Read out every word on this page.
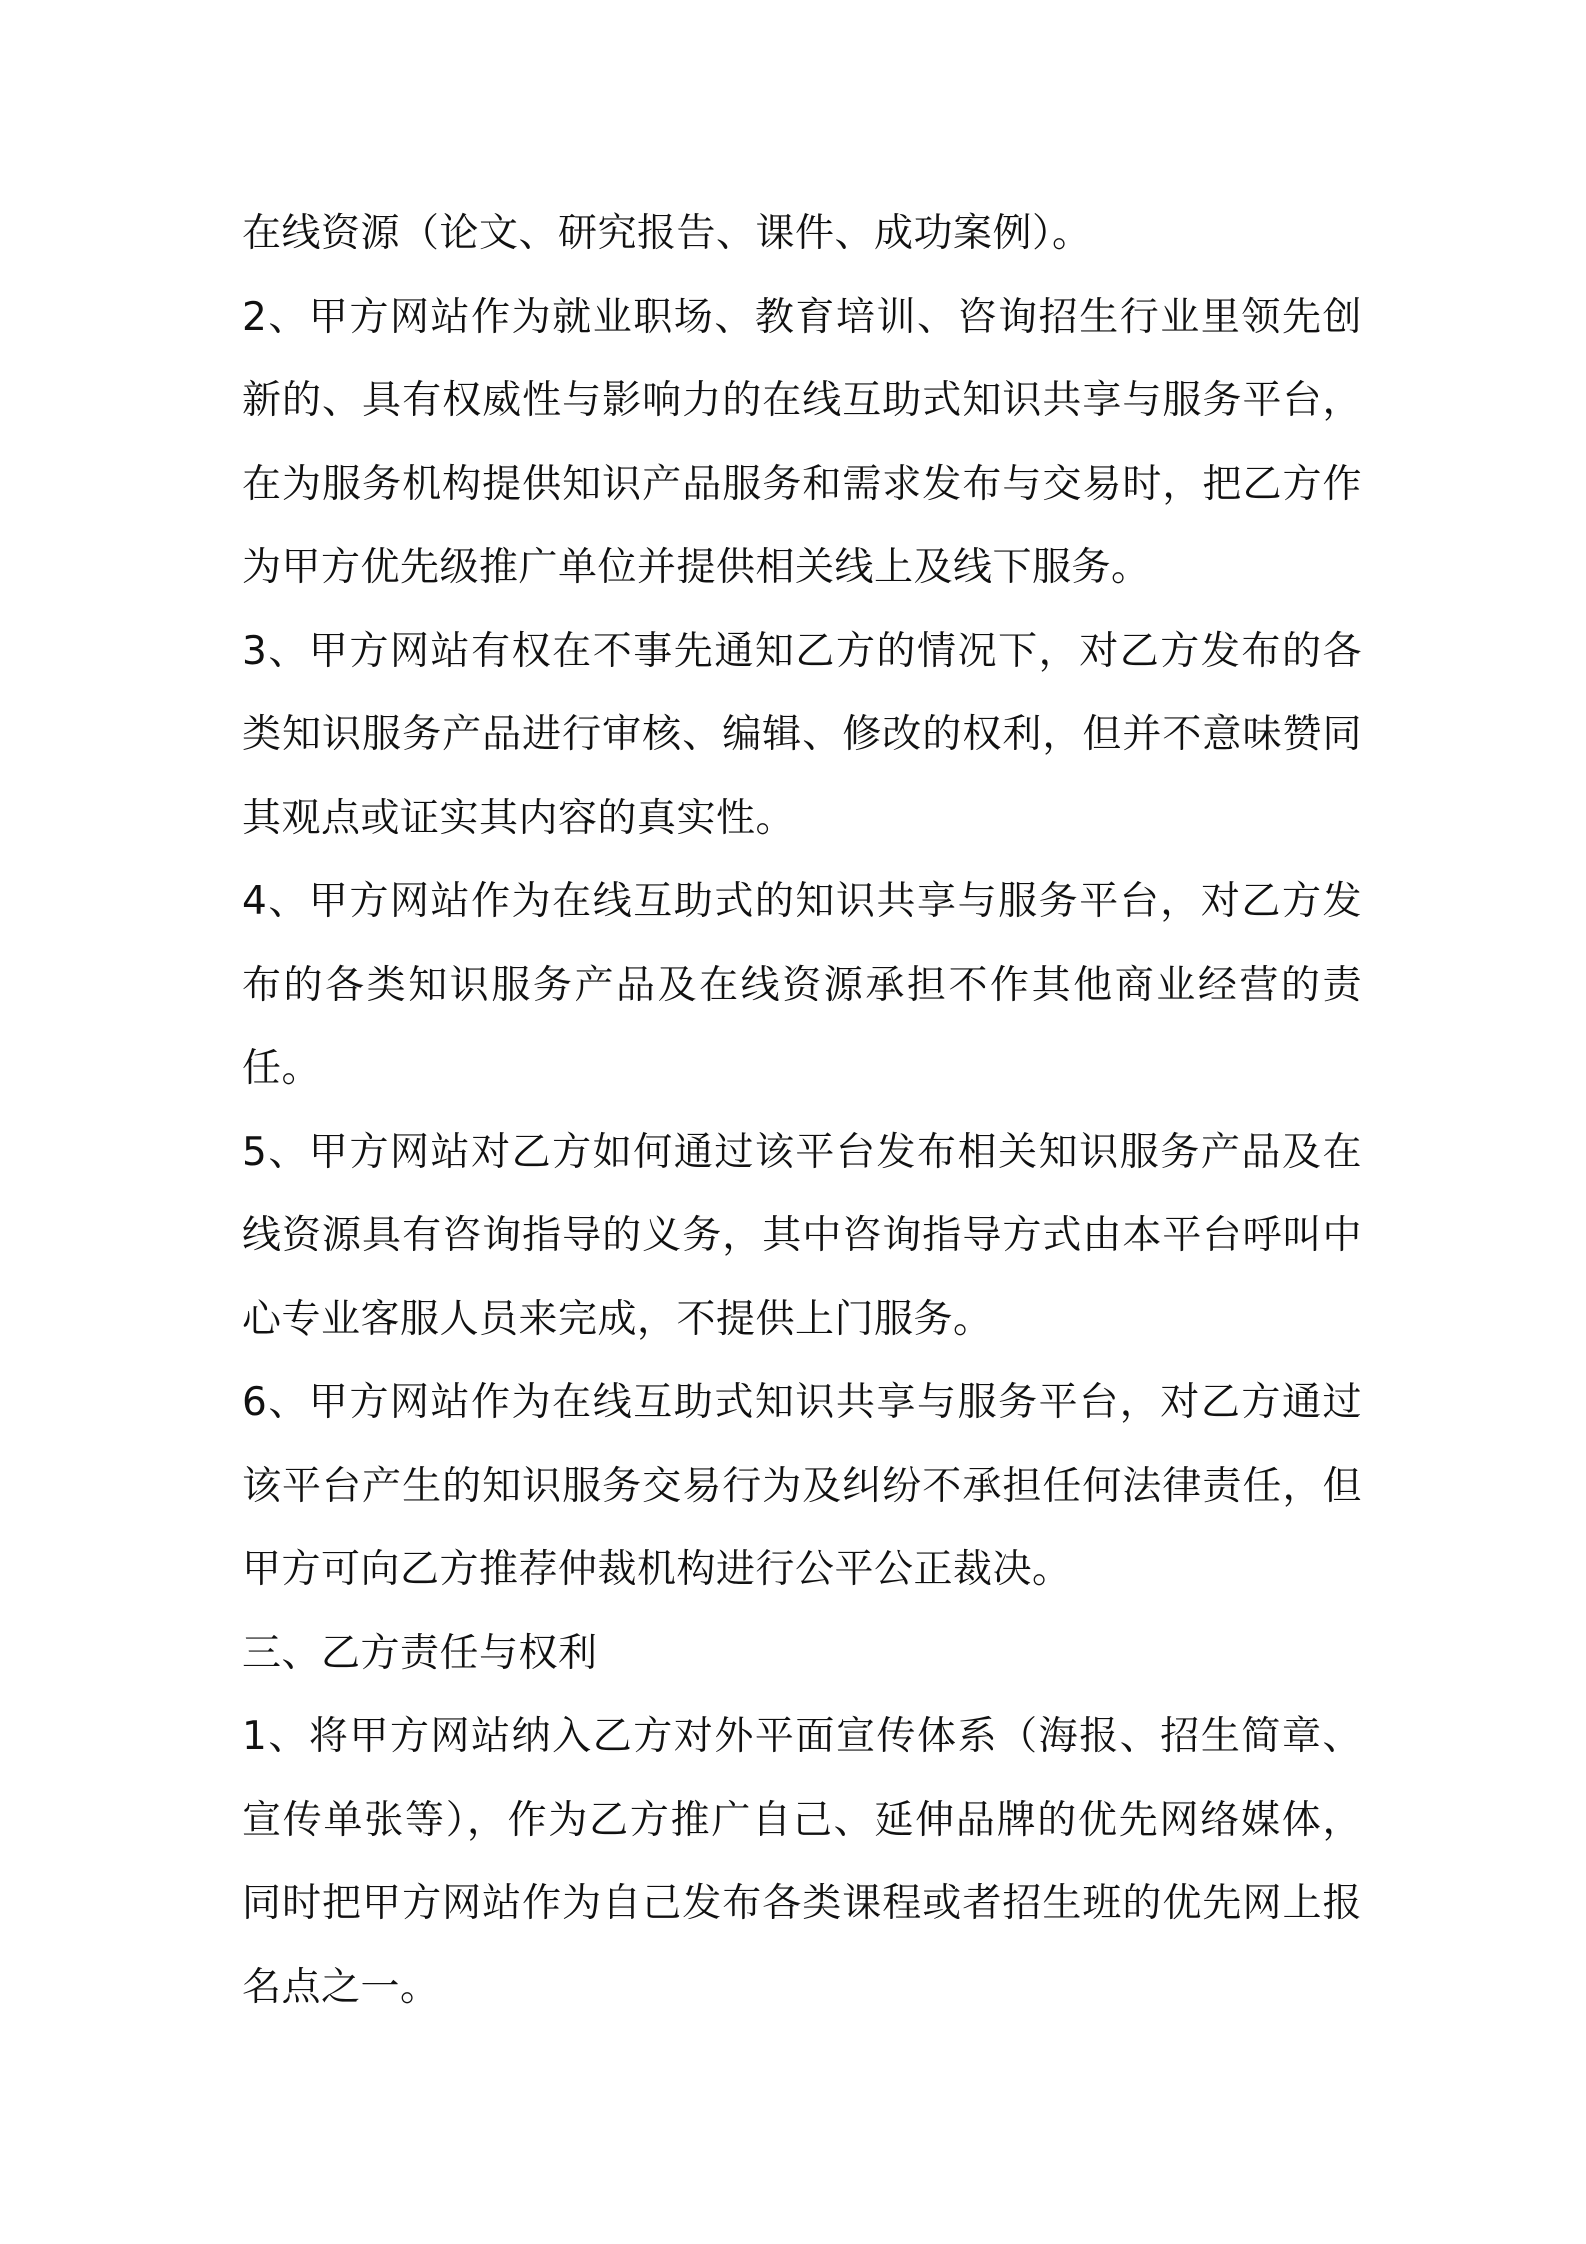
在线资源（论文、研究报告、课件、成功案例）。

2、甲方网站作为就业职场、教育培训、咨询招生行业里领先创新的、具有权威性与影响力的在线互助式知识共享与服务平台，在为服务机构提供知识产品服务和需求发布与交易时，把乙方作为甲方优先级推广单位并提供相关线上及线下服务。

3、甲方网站有权在不事先通知乙方的情况下，对乙方发布的各类知识服务产品进行审核、编辑、修改的权利，但并不意味赞同其观点或证实其内容的真实性。

4、甲方网站作为在线互助式的知识共享与服务平台，对乙方发布的各类知识服务产品及在线资源承担不作其他商业经营的责任。

5、甲方网站对乙方如何通过该平台发布相关知识服务产品及在线资源具有咨询指导的义务，其中咨询指导方式由本平台呼叫中心专业客服人员来完成，不提供上门服务。

6、甲方网站作为在线互助式知识共享与服务平台，对乙方通过该平台产生的知识服务交易行为及纠纷不承担任何法律责任，但甲方可向乙方推荐仲裁机构进行公平公正裁决。

三、乙方责任与权利

1、将甲方网站纳入乙方对外平面宣传体系（海报、招生简章、宣传单张等），作为乙方推广自己、延伸品牌的优先网络媒体，同时把甲方网站作为自己发布各类课程或者招生班的优先网上报名点之一。
